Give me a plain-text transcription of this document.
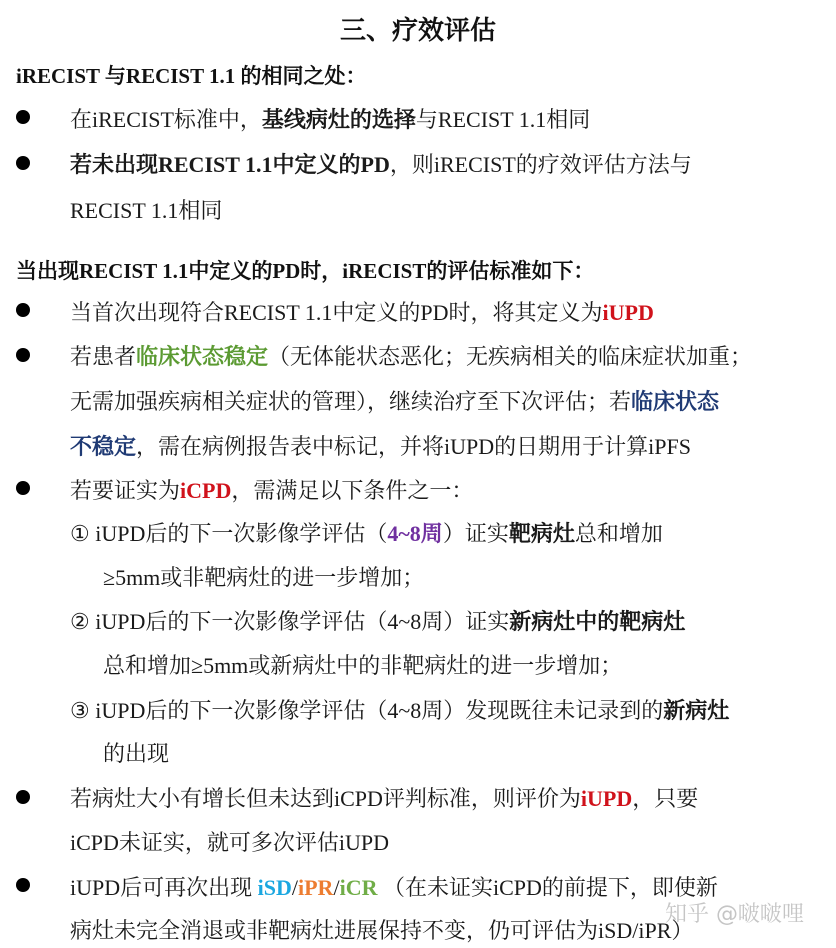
三、疗效评估
iRECIST 与RECIST 1.1 的相同之处：
在iRECIST标准中，基线病灶的选择与RECIST 1.1相同
若未出现RECIST 1.1中定义的PD，则iRECIST的疗效评估方法与
RECIST 1.1相同
当出现RECIST 1.1中定义的PD时，iRECIST的评估标准如下：
当首次出现符合RECIST 1.1中定义的PD时，将其定义为iUPD
若患者临床状态稳定（无体能状态恶化；无疾病相关的临床症状加重；
无需加强疾病相关症状的管理），继续治疗至下次评估；若临床状态
不稳定，需在病例报告表中标记，并将iUPD的日期用于计算iPFS
若要证实为iCPD，需满足以下条件之一：
① iUPD后的下一次影像学评估（4~8周）证实靶病灶总和增加
≥5mm或非靶病灶的进一步增加；
② iUPD后的下一次影像学评估（4~8周）证实新病灶中的靶病灶
总和增加≥5mm或新病灶中的非靶病灶的进一步增加；
③ iUPD后的下一次影像学评估（4~8周）发现既往未记录到的新病灶
的出现
若病灶大小有增长但未达到iCPD评判标准，则评价为iUPD，只要
iCPD未证实，就可多次评估iUPD
iUPD后可再次出现 iSD/iPR/iCR （在未证实iCPD的前提下，即使新
病灶未完全消退或非靶病灶进展保持不变，仍可评估为iSD/iPR）
知乎 @啵啵哩
